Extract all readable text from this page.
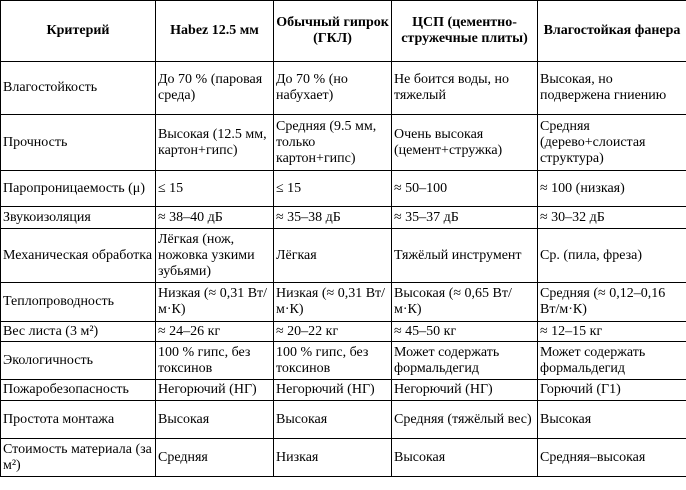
Критерий	Habez 12.5 мм	Обычный гипрок (ГКЛ)	ЦСП (цементно-стружечные плиты)	Влагостойкая фанера
Влагостойкость	До 70 % (паровая среда)	До 70 % (но набухает)	Не боится воды, но тяжелый	Высокая, но подвержена гниению
Прочность	Высокая (12.5 мм, картон+гипс)	Средняя (9.5 мм, только картон+гипс)	Очень высокая (цемент+стружка)	Средняя (дерево+слоистая структура)
Паропроницаемость (μ)	≤ 15	≤ 15	≈ 50–100	≈ 100 (низкая)
Звукоизоляция	≈ 38–40 дБ	≈ 35–38 дБ	≈ 35–37 дБ	≈ 30–32 дБ
Механическая обработка	Лёгкая (нож, ножовка узкими зубьями)	Лёгкая	Тяжёлый инструмент	Ср. (пила, фреза)
Теплопроводность	Низкая (≈ 0,31 Вт/м·К)	Низкая (≈ 0,31 Вт/м·К)	Высокая (≈ 0,65 Вт/м·К)	Средняя (≈ 0,12–0,16 Вт/м·К)
Вес листа (3 м²)	≈ 24–26 кг	≈ 20–22 кг	≈ 45–50 кг	≈ 12–15 кг
Экологичность	100 % гипс, без токсинов	100 % гипс, без токсинов	Может содержать формальдегид	Может содержать формальдегид
Пожаробезопасность	Негорючий (НГ)	Негорючий (НГ)	Негорючий (НГ)	Горючий (Г1)
Простота монтажа	Высокая	Высокая	Средняя (тяжёлый вес)	Высокая
Стоимость материала (за м²)	Средняя	Низкая	Высокая	Средняя–высокая
